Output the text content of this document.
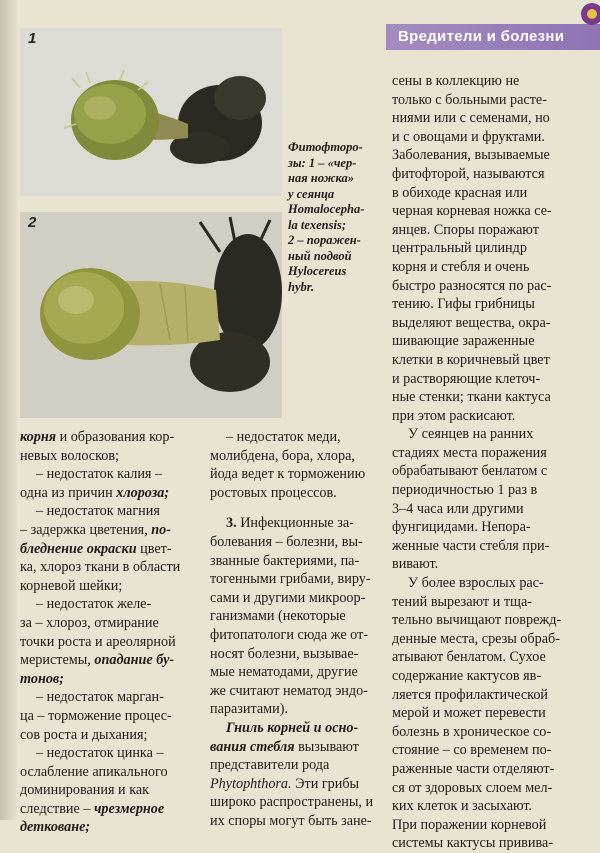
1
2

Фитофторо-

зы: 1 – «чер-

ная ножка»

у сеянца

Homalocepha-

la texensis;

2 – поражен-

ный подвой

Hylocereus

hybr.

Вредители и болезни

корня и образования кор-

невых волосков;

– недостаток калия –

одна из причин хлороза;

– недостаток магния

– задержка цветения, по-

бледнение окраски цвет-

ка, хлороз ткани в области

корневой шейки;

– недостаток желе-

за – хлороз, отмирание

точки роста и ареолярной

меристемы, опадание бу-

тонов;

– недостаток марган-

ца – торможение процес-

сов роста и дыхания;

– недостаток цинка –

ослабление апикального

доминирования и как

следствие – чрезмерное

детковане;

– недостаток меди,

молибдена, бора, хлора,

йода ведет к торможению

ростовых процессов.

3. Инфекционные за-

болевания – болезни, вы-

званные бактериями, па-

тогенными грибами, виру-

сами и другими микроор-

ганизмами (некоторые

фитопатологи сюда же от-

носят болезни, вызывае-

мые нематодами, другие

же считают нематод эндо-

паразитами).

Гниль корней и осно-

вания стебля вызывают

представители рода

Phytophthora. Эти грибы

широко распространены, и

их споры могут быть зане-

сены в коллекцию не

только с больными расте-

ниями или с семенами, но

и с овощами и фруктами.

Заболевания, вызываемые

фитофторой, называются

в обиходе красная или

черная корневая ножка се-

янцев. Споры поражают

центральный цилиндр

корня и стебля и очень

быстро разносятся по рас-

тению. Гифы грибницы

выделяют вещества, окра-

шивающие зараженные

клетки в коричневый цвет

и растворяющие клеточ-

ные стенки; ткани кактуса

при этом раскисают.

У сеянцев на ранних

стадиях места поражения

обрабатывают бенлатом с

периодичностью 1 раз в

3–4 часа или другими

фунгицидами. Непора-

женные части стебля при-

вивают.

У более взрослых рас-

тений вырезают и тща-

тельно вычищают поврежд-

денные места, срезы обраб-

атывают бенлатом. Сухое

содержание кактусов яв-

ляется профилактической

мерой и может перевести

болезнь в хроническое со-

стояние – со временем по-

раженные части отделяют-

ся от здоровых слоем мел-

ких клеток и засыхают.

При поражении корневой

системы кактусы привива-
